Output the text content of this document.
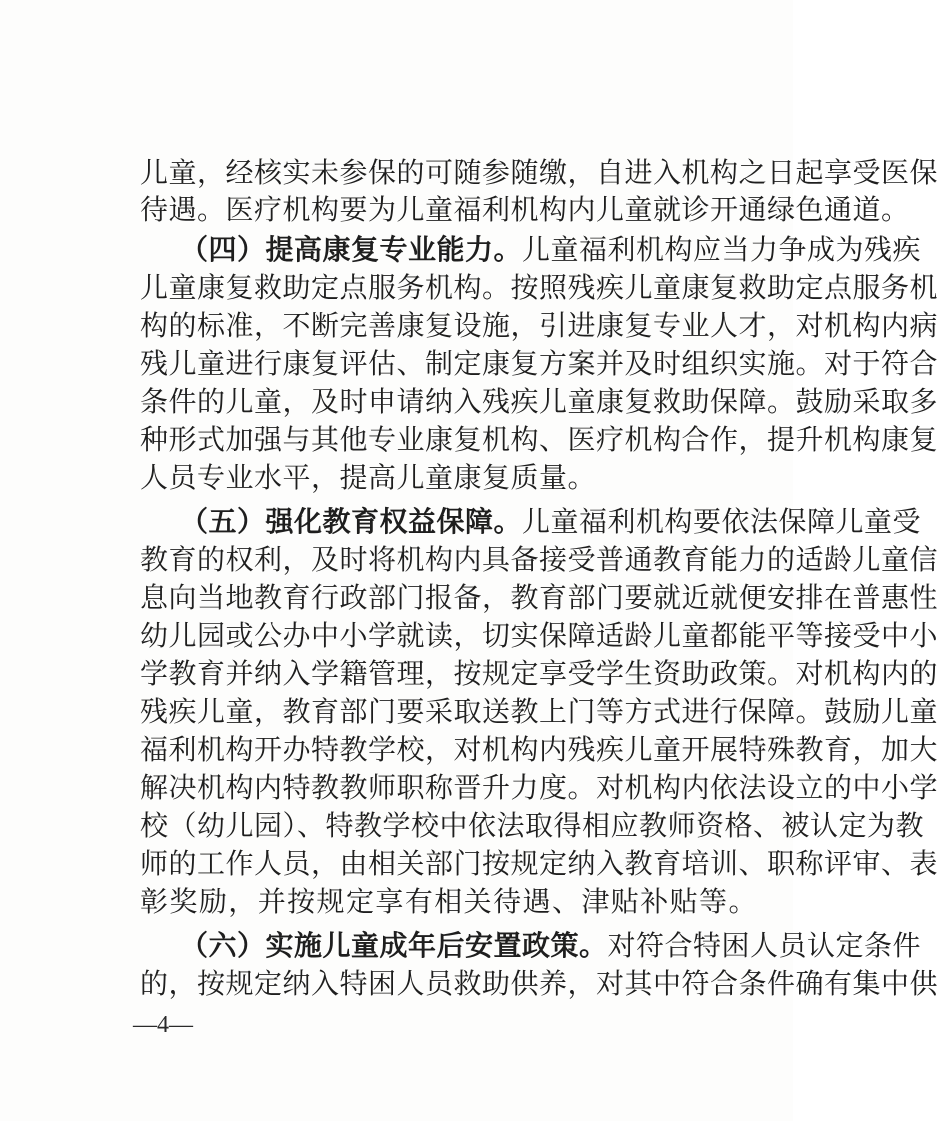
儿童，经核实未参保的可随参随缴，自进入机构之日起享受医保
待遇。医疗机构要为儿童福利机构内儿童就诊开通绿色通道。
（四）提高康复专业能力。儿童福利机构应当力争成为残疾
儿童康复救助定点服务机构。按照残疾儿童康复救助定点服务机
构的标准，不断完善康复设施，引进康复专业人才，对机构内病
残儿童进行康复评估、制定康复方案并及时组织实施。对于符合
条件的儿童，及时申请纳入残疾儿童康复救助保障。鼓励采取多
种形式加强与其他专业康复机构、医疗机构合作，提升机构康复
人员专业水平，提高儿童康复质量。
（五）强化教育权益保障。儿童福利机构要依法保障儿童受
教育的权利，及时将机构内具备接受普通教育能力的适龄儿童信
息向当地教育行政部门报备，教育部门要就近就便安排在普惠性
幼儿园或公办中小学就读，切实保障适龄儿童都能平等接受中小
学教育并纳入学籍管理，按规定享受学生资助政策。对机构内的
残疾儿童，教育部门要采取送教上门等方式进行保障。鼓励儿童
福利机构开办特教学校，对机构内残疾儿童开展特殊教育，加大
解决机构内特教教师职称晋升力度。对机构内依法设立的中小学
校（幼儿园）、特教学校中依法取得相应教师资格、被认定为教
师的工作人员，由相关部门按规定纳入教育培训、职称评审、表
彰奖励，并按规定享有相关待遇、津贴补贴等。
（六）实施儿童成年后安置政策。对符合特困人员认定条件
的，按规定纳入特困人员救助供养，对其中符合条件确有集中供
—4—
